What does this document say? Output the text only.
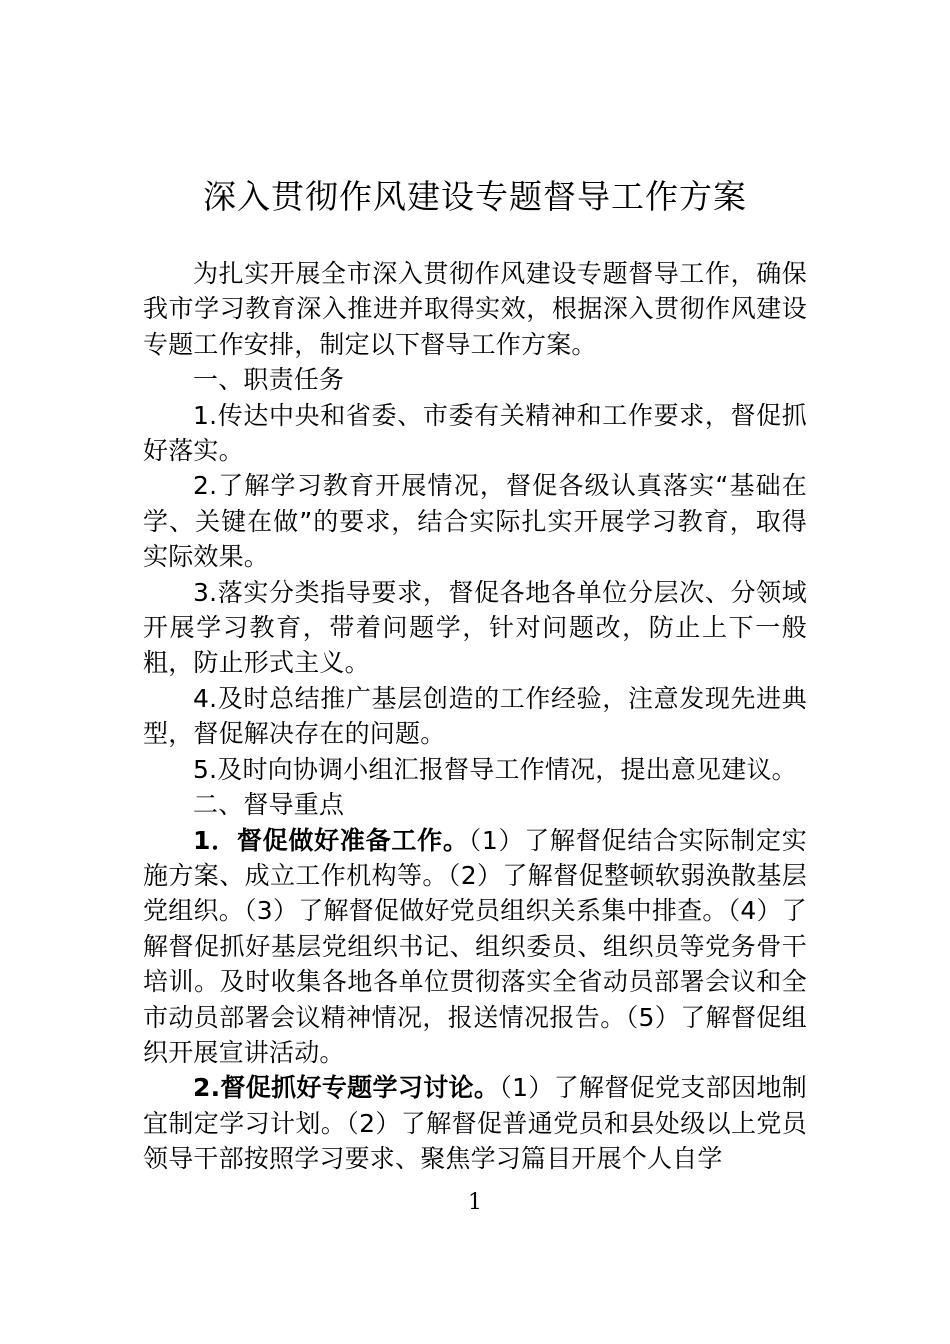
深入贯彻作风建设专题督导工作方案

为扎实开展全市深入贯彻作风建设专题督导工作，确保我市学习教育深入推进并取得实效，根据深入贯彻作风建设专题工作安排，制定以下督导工作方案。

一、职责任务

1.传达中央和省委、市委有关精神和工作要求，督促抓好落实。

2.了解学习教育开展情况，督促各级认真落实“基础在学、关键在做”的要求，结合实际扎实开展学习教育，取得实际效果。

3.落实分类指导要求，督促各地各单位分层次、分领域开展学习教育，带着问题学，针对问题改，防止上下一般粗，防止形式主义。

4.及时总结推广基层创造的工作经验，注意发现先进典型，督促解决存在的问题。

5.及时向协调小组汇报督导工作情况，提出意见建议。

二、督导重点

1．督促做好准备工作。（1）了解督促结合实际制定实施方案、成立工作机构等。（2）了解督促整顿软弱涣散基层党组织。（3）了解督促做好党员组织关系集中排查。（4）了解督促抓好基层党组织书记、组织委员、组织员等党务骨干培训。及时收集各地各单位贯彻落实全省动员部署会议和全市动员部署会议精神情况，报送情况报告。（5）了解督促组织开展宣讲活动。

2.督促抓好专题学习讨论。（1）了解督促党支部因地制宜制定学习计划。（2）了解督促普通党员和县处级以上党员领导干部按照学习要求、聚焦学习篇目开展个人自学

1
